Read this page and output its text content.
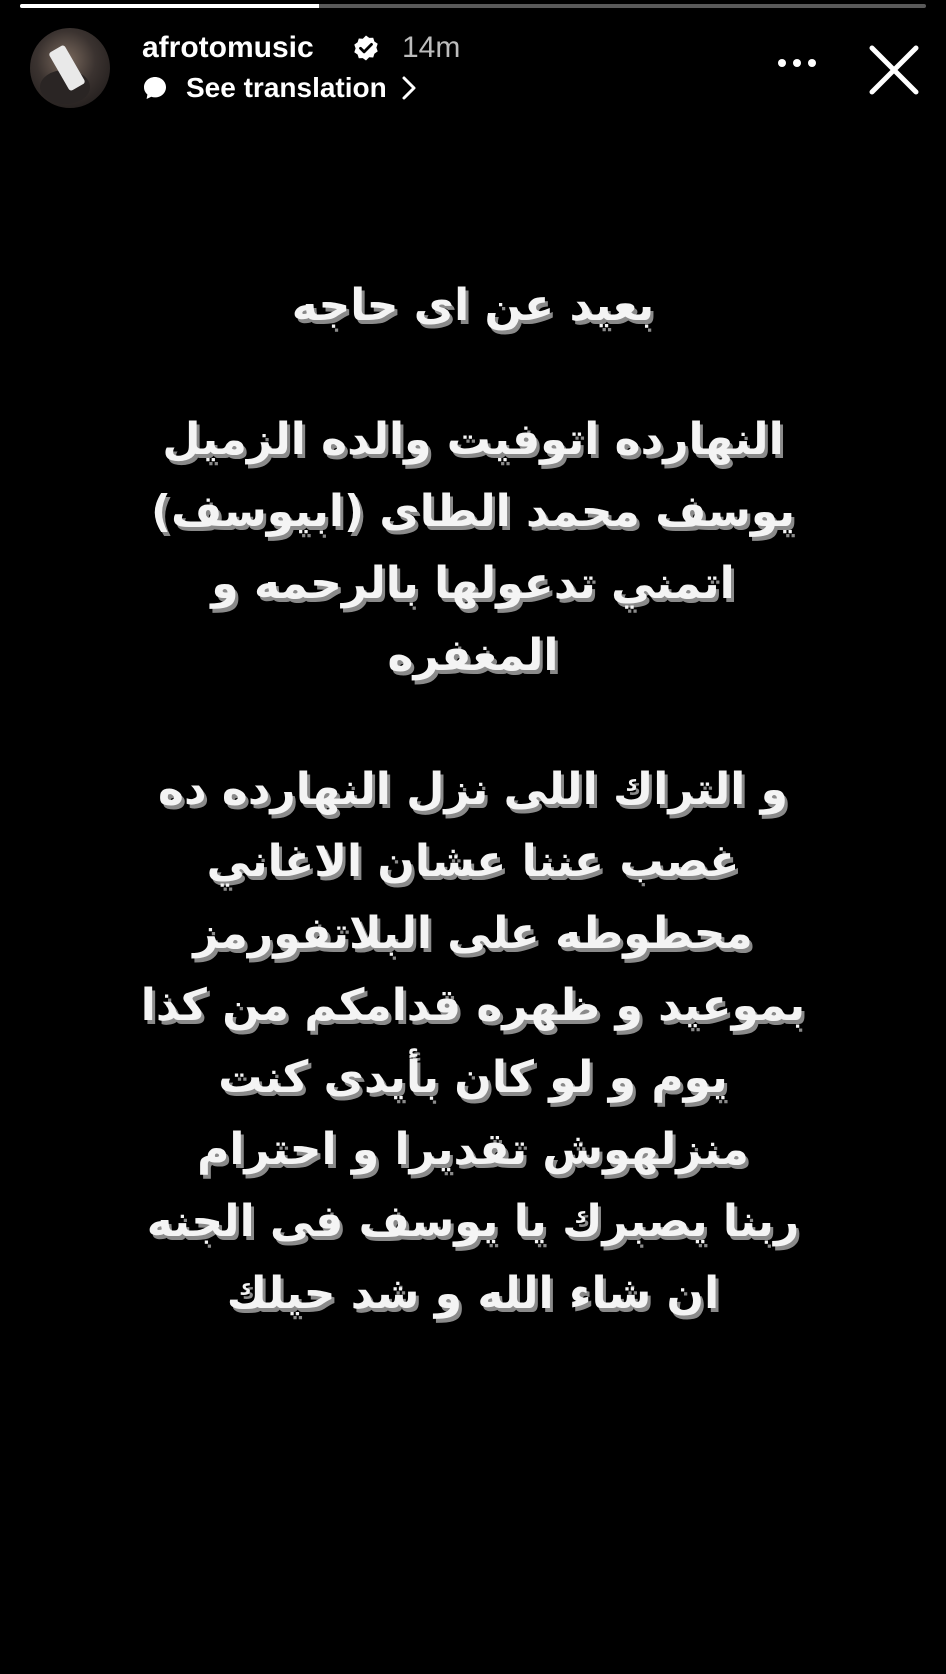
afrotomusic	14m
See translation
بعيد عن اى حاجه
النهارده اتوفيت والده الزميل
يوسف محمد الطاى (ابيوسف)
اتمني تدعولها بالرحمه و
المغفره
و التراك اللى نزل النهارده ده
غصب عننا عشان الاغاني
محطوطه على البلاتفورمز
بموعيد و ظهره قدامكم من كذا
يوم و لو كان بأيدى كنت
منزلهوش تقديرا و احترام
ربنا يصبرك يا يوسف فى الجنه
ان شاء الله و شد حيلك
